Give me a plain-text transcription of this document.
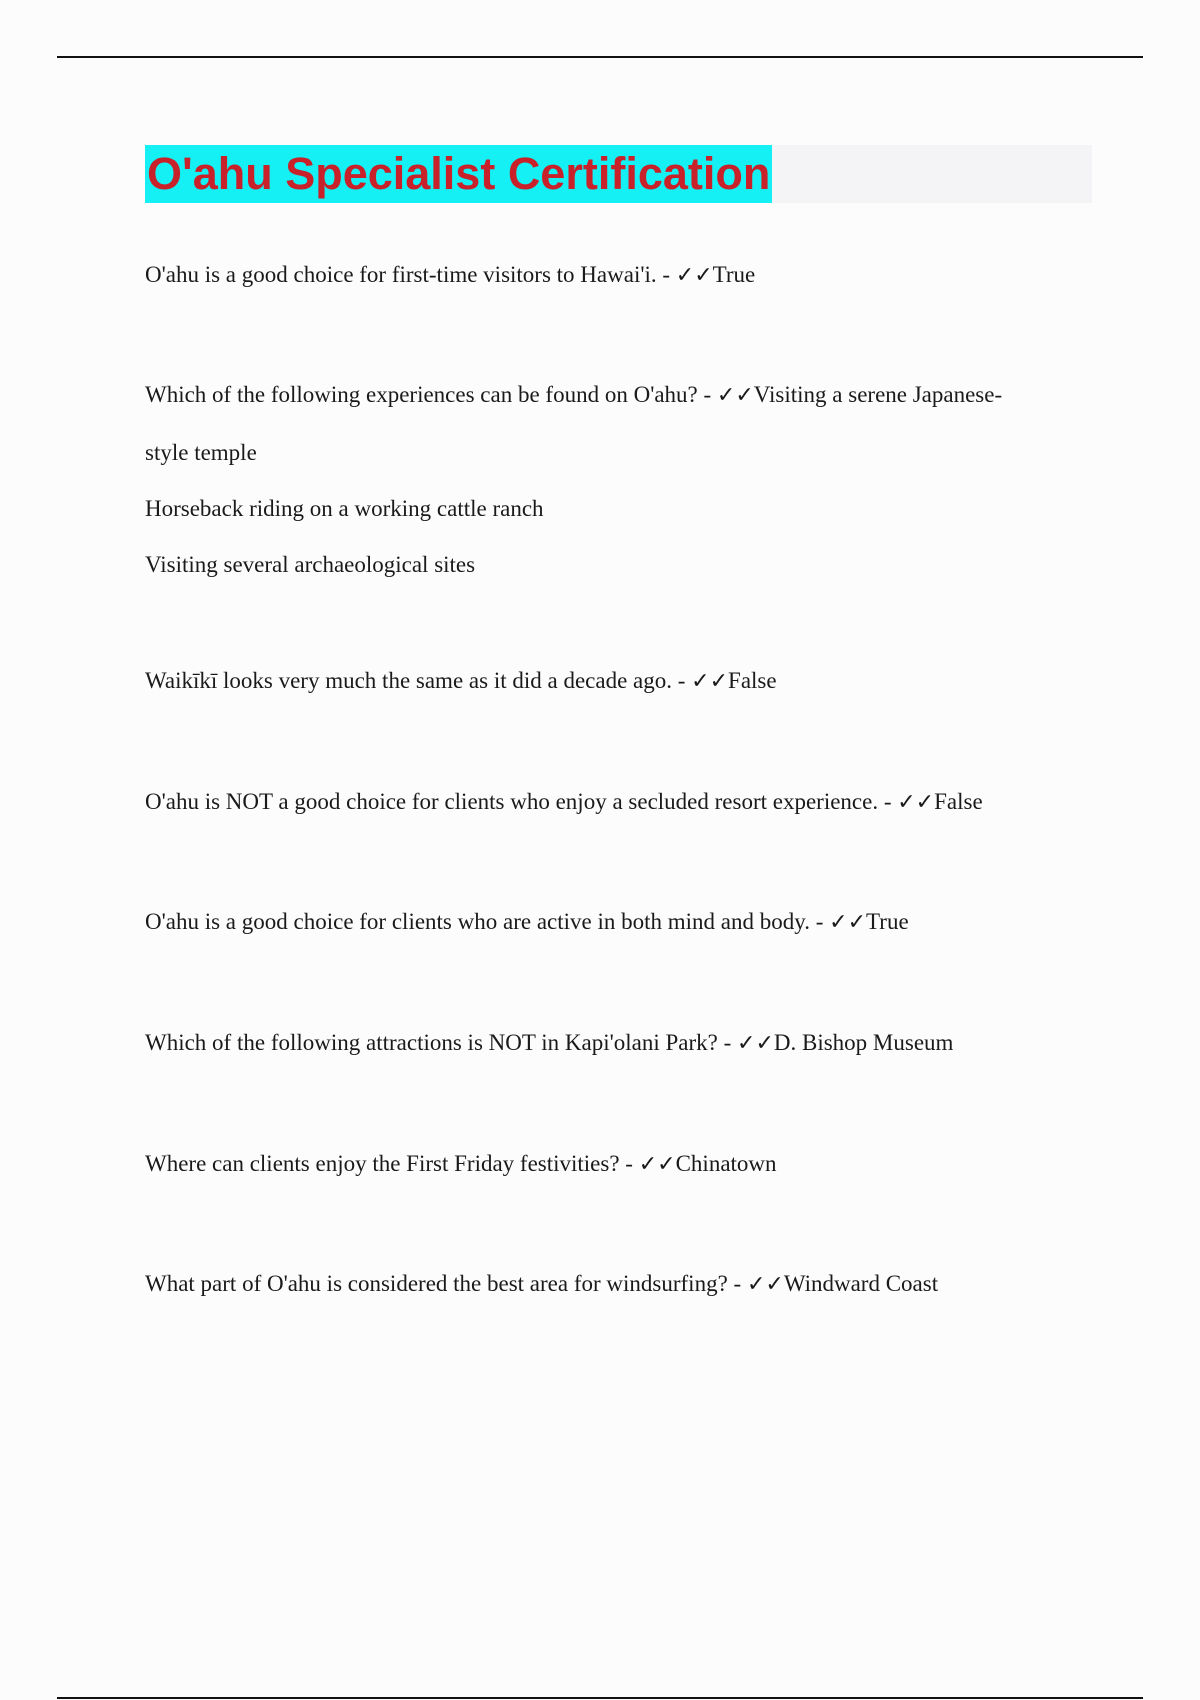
O'ahu Specialist Certification
O'ahu is a good choice for first-time visitors to Hawai'i. - ✓✓True
Which of the following experiences can be found on O'ahu? - ✓✓Visiting a serene Japanese-
style temple
Horseback riding on a working cattle ranch
Visiting several archaeological sites
Waikīkī looks very much the same as it did a decade ago. - ✓✓False
O'ahu is NOT a good choice for clients who enjoy a secluded resort experience. - ✓✓False
O'ahu is a good choice for clients who are active in both mind and body. - ✓✓True
Which of the following attractions is NOT in Kapi'olani Park? - ✓✓D. Bishop Museum
Where can clients enjoy the First Friday festivities? - ✓✓Chinatown
What part of O'ahu is considered the best area for windsurfing? - ✓✓Windward Coast
